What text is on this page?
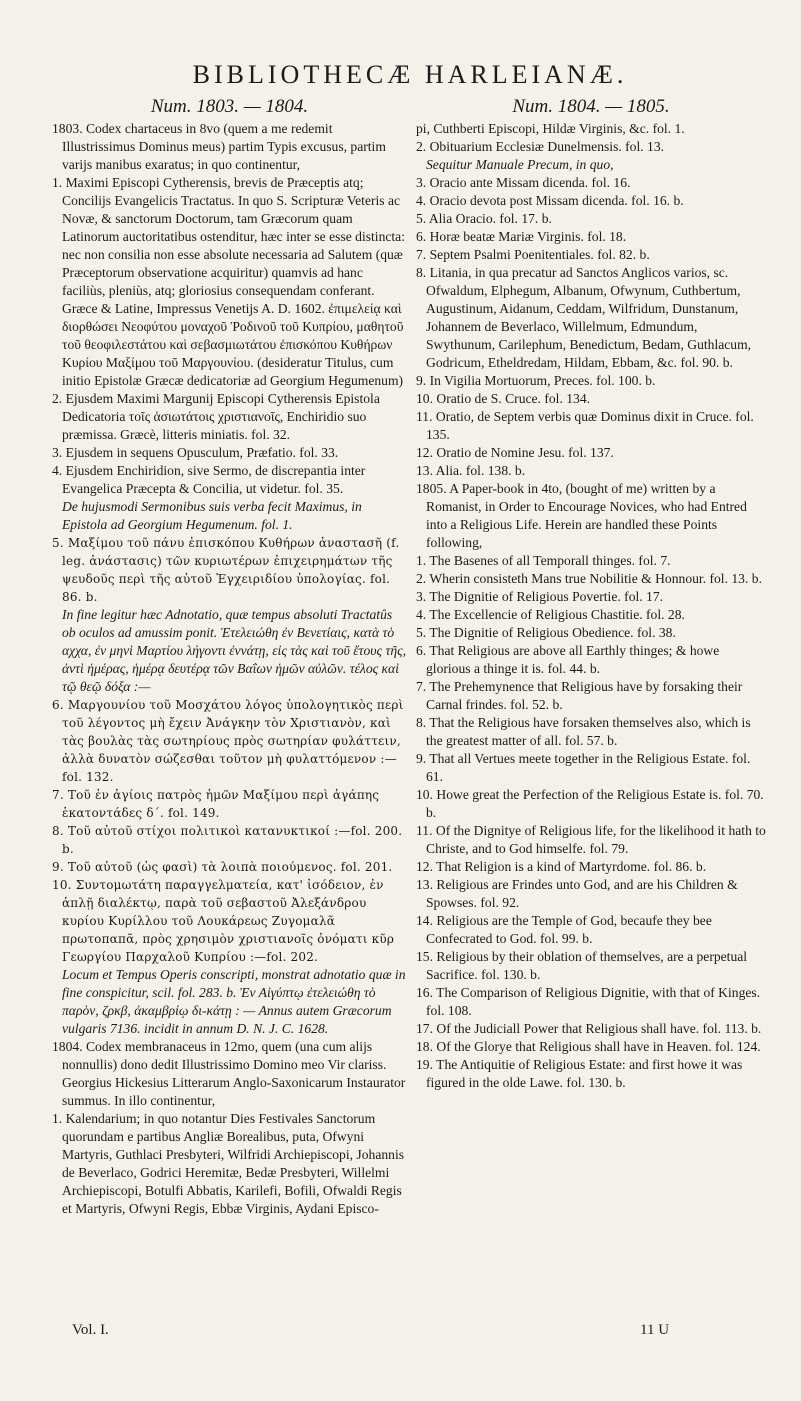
BIBLIOTHECÆ HARLEIANÆ.
Num. 1803. — 1804.

1803. Codex chartaceus in 8vo (quem a me redemit Illustrissimus Dominus meus) partim Typis excusus, partim varijs manibus exaratus; in quo continentur,

1. Maximi Episcopi Cytherensis, brevis de Præceptis atq; Concilijs Evangelicis Tractatus. In quo S. Scripturæ Veteris ac Novæ, & sanctorum Doctorum, tam Græcorum quam Latinorum auctoritatibus ostenditur, hæc inter se esse distincta: nec non consilia non esse absolute necessaria ad Salutem (quæ Præceptorum observatione acquiritur) quamvis ad hanc faciliùs, pleniùs, atq; gloriosius consequendam conferant. Græce & Latine, Impressus Venetijs A. D. 1602. ἐπιμελείᾳ καὶ διορθώσει Νεοφύτου μοναχοῦ Ῥοδινοῦ τοῦ Κυπρίου, μαθητοῦ τοῦ θεοφιλεστάτου καὶ σεβασμιωτάτου ἐπισκόπου Κυθήρων Κυρίου Μαξίμου τοῦ Μαργουνίου. (desideratur Titulus, cum initio Epistolæ Græcæ dedicatoriæ ad Georgium Hegumenum)

2. Ejusdem Maximi Margunij Episcopi Cytherensis Epistola Dedicatoria τοῖς ἁσιωτάτοις χριστιανοῖς, Enchiridio suo præmissa. Græcè, litteris miniatis. fol. 32.

3. Ejusdem in sequens Opusculum, Præfatio. fol. 33.

4. Ejusdem Enchiridion, sive Sermo, de discrepantia inter Evangelica Præcepta & Concilia, ut videtur. fol. 35.

De hujusmodi Sermonibus suis verba fecit Maximus, in Epistola ad Georgium Hegumenum. fol. 1.

5. Μαξίμου τοῦ πάνυ ἐπισκόπου Κυθήρων ἀναστασῆ (f. leg. ἀνάστασις) τῶν κυριωτέρων ἐπιχειρημάτων τῆς ψευδοῦς περὶ τῆς αὐτοῦ Ἐγχειριδίου ὑπολογίας. fol. 86. b.

In fine legitur hæc Adnotatio, quæ tempus absoluti Tractatûs ob oculos ad amussim ponit. Ἐτελειώθη ἐν Βενετίαις, κατὰ τὸ αχχα, ἐν μηνὶ Μαρτίου λήγοντι ἐννάτῃ, εἰς τὰς καὶ τοῦ ἔτους τῆς, ἀντὶ ἡμέρας, ἡμέρᾳ δευτέρᾳ τῶν Βαΐων ἡμῶν αὐλῶν. τέλος καὶ τῷ θεῷ δόξα :—

6. Μαργουνίου τοῦ Μοσχάτου λόγος ὑπολογητικὸς περὶ τοῦ λέγοντος μὴ ἔχειν Ἀνάγκην τὸν Χριστιανὸν, καὶ τὰς βουλὰς τὰς σωτηρίους πρὸς σωτηρίαν φυλάττειν, ἀλλὰ δυνατὸν σώζεσθαι τοῦτον μὴ φυλαττόμενον :—fol. 132.

7. Τοῦ ἐν ἁγίοις πατρὸς ἡμῶν Μαξίμου περὶ ἀγάπης ἑκατοντάδες δ΄. fol. 149.

8. Τοῦ αὐτοῦ στίχοι πολιτικοὶ κατανυκτικοί :—fol. 200. b.

9. Τοῦ αὐτοῦ (ὡς φασὶ) τὰ λοιπὰ ποιούμενος. fol. 201.

10. Συντομωτάτη παραγγελματεία, κατ' ἰσόδειον, ἐν ἁπλῇ διαλέκτῳ, παρὰ τοῦ σεβαστοῦ Ἀλεξάνδρου κυρίου Κυρίλλου τοῦ Λουκάρεως Ζυγομαλᾶ πρωτοπαπᾶ, πρὸς χρησιμὸν χριστιανοῖς ὀνόματι κῦρ Γεωργίου Παρχαλοῦ Κυπρίου :—fol. 202.

Locum et Tempus Operis conscripti, monstrat adnotatio quæ in fine conspicitur, scil. fol. 283. b. Ἐν Αἰγύπτῳ ἐτελειώθη τὸ παρὸν, ζρκβ, ἀκαμβρίῳ δι-κάτῃ : — Annus autem Græcorum vulgaris 7136. incidit in annum D. N. J. C. 1628.

1804. Codex membranaceus in 12mo, quem (una cum alijs nonnullis) dono dedit Illustrissimo Domino meo Vir clariss. Georgius Hickesius Litterarum Anglo-Saxonicarum Instaurator summus. In illo continentur,

1. Kalendarium; in quo notantur Dies Festivales Sanctorum quorundam e partibus Angliæ Borealibus, puta, Ofwyni Martyris, Guthlaci Presbyteri, Wilfridi Archiepiscopi, Johannis de Beverlaco, Godrici Heremitæ, Bedæ Presbyteri, Willelmi Archiepiscopi, Botulfi Abbatis, Karilefi, Bofili, Ofwaldi Regis et Martyris, Ofwyni Regis, Ebbæ Virginis, Aydani Episco-

Num. 1804. — 1805.

pi, Cuthberti Episcopi, Hildæ Virginis, &c. fol. 1.

2. Obituarium Ecclesiæ Dunelmensis. fol. 13.

Sequitur Manuale Precum, in quo,

3. Oracio ante Missam dicenda. fol. 16.

4. Oracio devota post Missam dicenda. fol. 16. b.

5. Alia Oracio. fol. 17. b.

6. Horæ beatæ Mariæ Virginis. fol. 18.

7. Septem Psalmi Poenitentiales. fol. 82. b.

8. Litania, in qua precatur ad Sanctos Anglicos varios, sc. Ofwaldum, Elphegum, Albanum, Ofwynum, Cuthbertum, Augustinum, Aidanum, Ceddam, Wilfridum, Dunstanum, Johannem de Beverlaco, Willelmum, Edmundum, Swythunum, Carilephum, Benedictum, Bedam, Guthlacum, Godricum, Etheldredam, Hildam, Ebbam, &c. fol. 90. b.

9. In Vigilia Mortuorum, Preces. fol. 100. b.

10. Oratio de S. Cruce. fol. 134.

11. Oratio, de Septem verbis quæ Dominus dixit in Cruce. fol. 135.

12. Oratio de Nomine Jesu. fol. 137.

13. Alia. fol. 138. b.

1805. A Paper-book in 4to, (bought of me) written by a Romanist, in Order to Encourage Novices, who had Entred into a Religious Life. Herein are handled these Points following,

1. The Basenes of all Temporall thinges. fol. 7.

2. Wherin consisteth Mans true Nobilitie & Honnour. fol. 13. b.

3. The Dignitie of Religious Povertie. fol. 17.

4. The Excellencie of Religious Chastitie. fol. 28.

5. The Dignitie of Religious Obedience. fol. 38.

6. That Religious are above all Earthly thinges; & howe glorious a thinge it is. fol. 44. b.

7. The Prehemynence that Religious have by forsaking their Carnal frindes. fol. 52. b.

8. That the Religious have forsaken themselves also, which is the greatest matter of all. fol. 57. b.

9. That all Vertues meete together in the Religious Estate. fol. 61.

10. Howe great the Perfection of the Religious Estate is. fol. 70. b.

11. Of the Dignitye of Religious life, for the likelihood it hath to Christe, and to God himselfe. fol. 79.

12. That Religion is a kind of Martyrdome. fol. 86. b.

13. Religious are Frindes unto God, and are his Children & Spowses. fol. 92.

14. Religious are the Temple of God, becaufe they bee Confecrated to God. fol. 99. b.

15. Religious by their oblation of themselves, are a perpetual Sacrifice. fol. 130. b.

16. The Comparison of Religious Dignitie, with that of Kinges. fol. 108.

17. Of the Judiciall Power that Religious shall have. fol. 113. b.

18. Of the Glorye that Religious shall have in Heaven. fol. 124.

19. The Antiquitie of Religious Estate: and first howe it was figured in the olde Lawe. fol. 130. b.

Vol. I.	11 U
